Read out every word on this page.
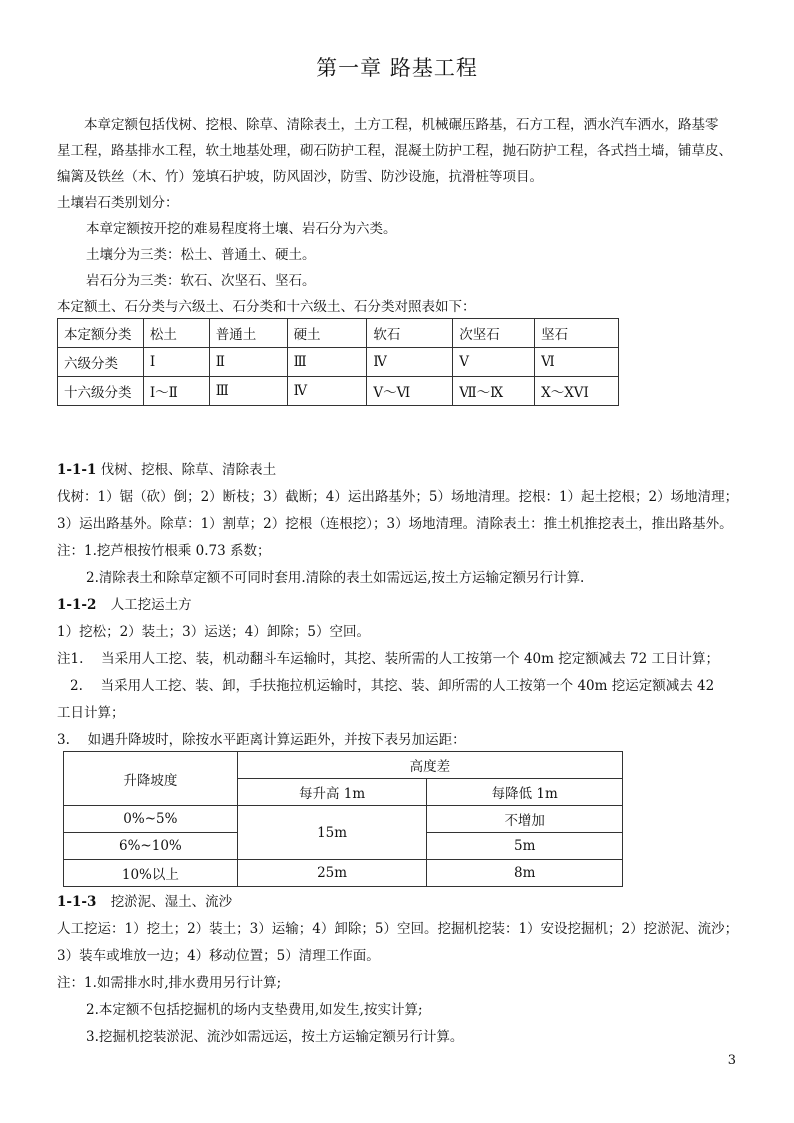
第一章 路基工程
本章定额包括伐树、挖根、除草、清除表土，土方工程，机械碾压路基，石方工程，洒水汽车洒水，路基零
星工程，路基排水工程，软土地基处理，砌石防护工程，混凝土防护工程，抛石防护工程，各式挡土墙，铺草皮、
编篱及铁丝（木、竹）笼填石护坡，防风固沙，防雪、防沙设施，抗滑桩等项目。
土壤岩石类别划分：
本章定额按开挖的难易程度将土壤、岩石分为六类。
土壤分为三类：松土、普通土、硬土。
岩石分为三类：软石、次坚石、坚石。
本定额土、石分类与六级土、石分类和十六级土、石分类对照表如下：
本定额分类	松土	普通土	硬土	软石	次坚石	坚石
六级分类	Ⅰ	Ⅱ	Ⅲ	Ⅳ	Ⅴ	Ⅵ
十六级分类	Ⅰ～Ⅱ	Ⅲ	Ⅳ	Ⅴ～Ⅵ	Ⅶ～Ⅸ	Ⅹ～XVI
1-1-1 伐树、挖根、除草、清除表土
伐树：1）锯（砍）倒；2）断枝；3）截断；4）运出路基外；5）场地清理。挖根：1）起土挖根；2）场地清理；
3）运出路基外。除草：1）割草；2）挖根（连根挖）；3）场地清理。清除表土：推土机推挖表土，推出路基外。
注：1.挖芦根按竹根乘 0.73 系数；
2.清除表土和除草定额不可同时套用.清除的表土如需远运,按土方运输定额另行计算.
1-1-2 人工挖运土方
1）挖松；2）装土；3）运送；4）卸除；5）空回。
注1.　 当采用人工挖、装，机动翻斗车运输时，其挖、装所需的人工按第一个 40m 挖定额减去 72 工日计算；
2.　 当采用人工挖、装、卸，手扶拖拉机运输时，其挖、装、卸所需的人工按第一个 40m 挖运定额减去 42
工日计算；
3.　 如遇升降坡时，除按水平距离计算运距外，并按下表另加运距：
升降坡度	高度差	
	每升高 1m	每降低 1m
0%~5%	15m	不增加
6%~10%		5m
10%以上	25m	8m
1-1-3 挖淤泥、湿土、流沙
人工挖运：1）挖土；2）装土；3）运输；4）卸除；5）空回。挖掘机挖装：1）安设挖掘机；2）挖淤泥、流沙；
3）装车或堆放一边；4）移动位置；5）清理工作面。
注：1.如需排水时,排水费用另行计算;
2.本定额不包括挖掘机的场内支垫费用,如发生,按实计算;
3.挖掘机挖装淤泥、流沙如需远运，按土方运输定额另行计算。
3
